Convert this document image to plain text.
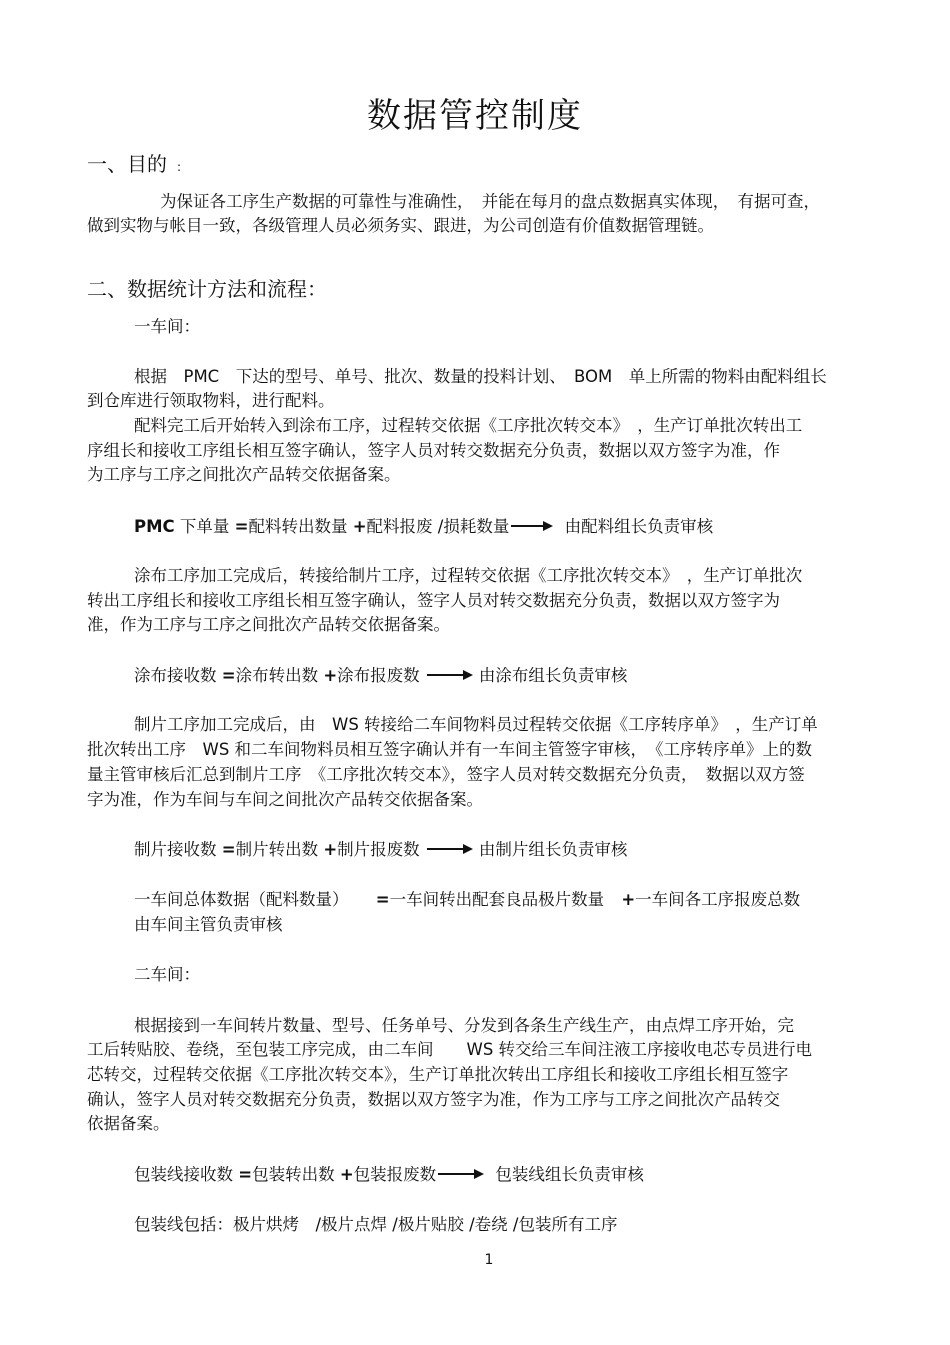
数据管控制度
一、目的 :
为保证各工序生产数据的可靠性与准确性，　并能在每月的盘点数据真实体现，　有据可查，
做到实物与帐目一致，各级管理人员必须务实、跟进，为公司创造有价值数据管理链。
二、数据统计方法和流程：
一车间：
根据　PMC　下达的型号、单号、批次、数量的投料计划、　BOM　单上所需的物料由配料组长
到仓库进行领取物料，进行配料。
配料完工后开始转入到涂布工序，过程转交依据《工序批次转交本》　，生产订单批次转出工
序组长和接收工序组长相互签字确认，签字人员对转交数据充分负责，数据以双方签字为准，作
为工序与工序之间批次产品转交依据备案。
PMC 下单量 =配料转出数量 +配料报废 /损耗数量	由配料组长负责审核
涂布工序加工完成后，转接给制片工序，过程转交依据《工序批次转交本》　，生产订单批次
转出工序组长和接收工序组长相互签字确认，签字人员对转交数据充分负责，数据以双方签字为
准，作为工序与工序之间批次产品转交依据备案。
涂布接收数 =涂布转出数 +涂布报废数	由涂布组长负责审核
制片工序加工完成后，由　WS 转接给二车间物料员过程转交依据《工序转序单》　，生产订单
批次转出工序　WS 和二车间物料员相互签字确认并有一车间主管签字审核，　《工序转序单》上的数
量主管审核后汇总到制片工序　《工序批次转交本》，签字人员对转交数据充分负责，　数据以双方签
字为准，作为车间与车间之间批次产品转交依据备案。
制片接收数 =制片转出数 +制片报废数	由制片组长负责审核
一车间总体数据（配料数量） =一车间转出配套良品极片数量 +一车间各工序报废总数
由车间主管负责审核
二车间：
根据接到一车间转片数量、型号、任务单号、分发到各条生产线生产，由点焊工序开始，完
工后转贴胶、卷绕，至包装工序完成，由二车间　　WS 转交给三车间注液工序接收电芯专员进行电
芯转交，过程转交依据《工序批次转交本》，生产订单批次转出工序组长和接收工序组长相互签字
确认，签字人员对转交数据充分负责，数据以双方签字为准，作为工序与工序之间批次产品转交
依据备案。
包装线接收数 =包装转出数 +包装报废数	包装线组长负责审核
包装线包括：极片烘烤　/极片点焊 /极片贴胶 /卷绕 /包装所有工序
1
